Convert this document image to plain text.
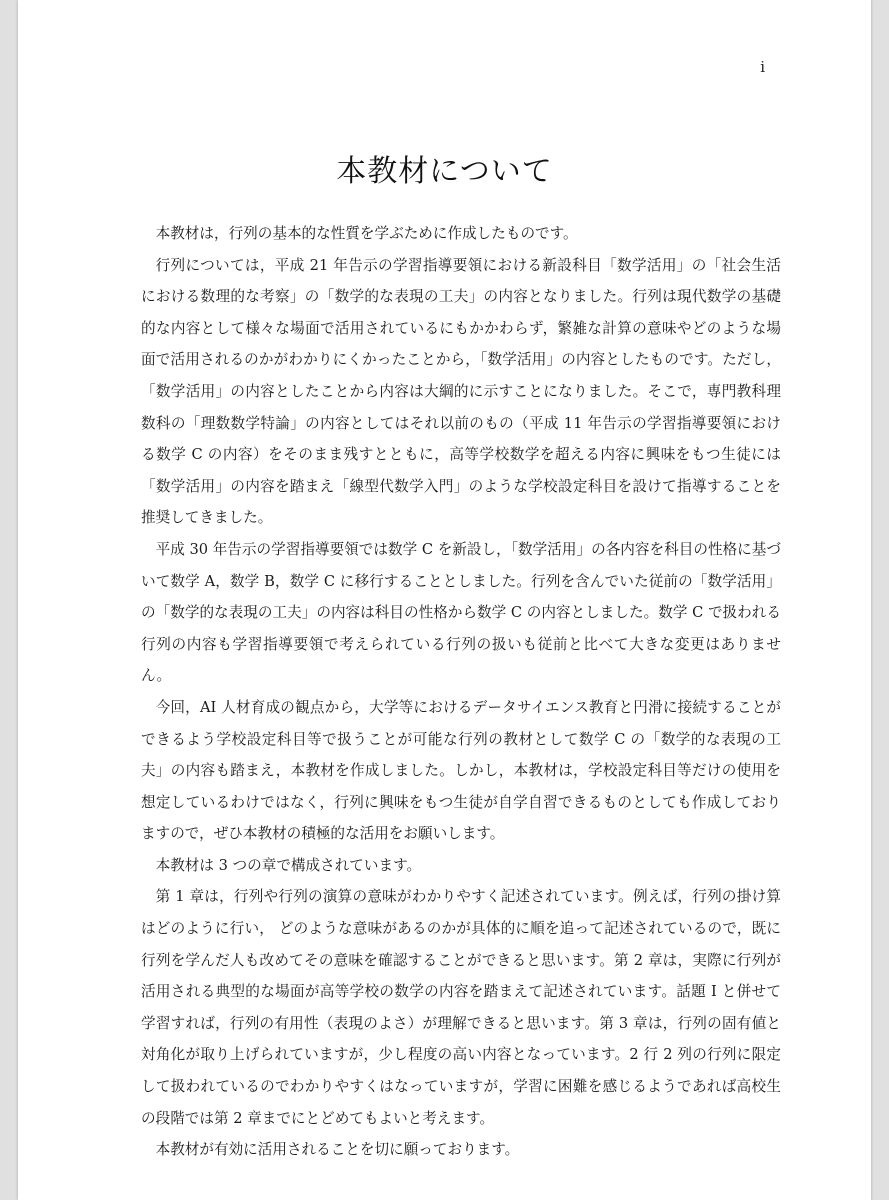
i
本教材について

本教材は，行列の基本的な性質を学ぶために作成したものです。

行列については，平成 21 年告示の学習指導要領における新設科目「数学活用」の「社会生活における数理的な考察」の「数学的な表現の工夫」の内容となりました。行列は現代数学の基礎的な内容として様々な場面で活用されているにもかかわらず，繁雑な計算の意味やどのような場面で活用されるのかがわかりにくかったことから，「数学活用」の内容としたものです。ただし，「数学活用」の内容としたことから内容は大綱的に示すことになりました。そこで，専門教科理数科の「理数数学特論」の内容としてはそれ以前のもの（平成 11 年告示の学習指導要領における数学 C の内容）をそのまま残すとともに，高等学校数学を超える内容に興味をもつ生徒には「数学活用」の内容を踏まえ「線型代数学入門」のような学校設定科目を設けて指導することを推奨してきました。

平成 30 年告示の学習指導要領では数学 C を新設し，「数学活用」の各内容を科目の性格に基づいて数学 A，数学 B，数学 C に移行することとしました。行列を含んでいた従前の「数学活用」の「数学的な表現の工夫」の内容は科目の性格から数学 C の内容としました。数学 C で扱われる行列の内容も学習指導要領で考えられている行列の扱いも従前と比べて大きな変更はありません。

今回，AI 人材育成の観点から，大学等におけるデータサイエンス教育と円滑に接続することができるよう学校設定科目等で扱うことが可能な行列の教材として数学 C の「数学的な表現の工夫」の内容も踏まえ，本教材を作成しました。しかし，本教材は，学校設定科目等だけの使用を想定しているわけではなく，行列に興味をもつ生徒が自学自習できるものとしても作成しておりますので，ぜひ本教材の積極的な活用をお願いします。

本教材は 3 つの章で構成されています。

第 1 章は，行列や行列の演算の意味がわかりやすく記述されています。例えば，行列の掛け算はどのように行い， どのような意味があるのかが具体的に順を追って記述されているので，既に行列を学んだ人も改めてその意味を確認することができると思います。第 2 章は，実際に行列が活用される典型的な場面が高等学校の数学の内容を踏まえて記述されています。話題 I と併せて学習すれば，行列の有用性（表現のよさ）が理解できると思います。第 3 章は，行列の固有値と対角化が取り上げられていますが，少し程度の高い内容となっています。2 行 2 列の行列に限定して扱われているのでわかりやすくはなっていますが，学習に困難を感じるようであれば高校生の段階では第 2 章までにとどめてもよいと考えます。

本教材が有効に活用されることを切に願っております。
